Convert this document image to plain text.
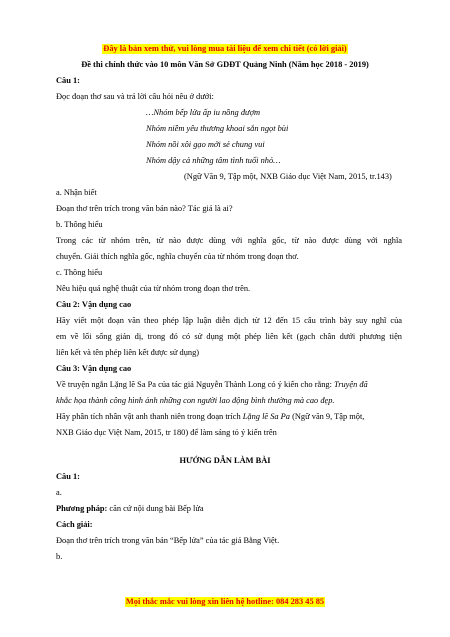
Đây là bản xem thử, vui lòng mua tài liệu để xem chi tiết (có lời giải)
Đề thi chính thức vào 10 môn Văn Sở GDĐT Quảng Ninh (Năm học 2018 - 2019)
Câu 1:
Đọc đoạn thơ sau và trả lời câu hỏi nêu ở dưới:
…Nhóm bếp lửa ấp iu nồng đượm
Nhóm niềm yêu thương khoai sắn ngọt bùi
Nhóm nồi xôi gạo mới sẻ chung vui
Nhóm dậy cả những tâm tình tuổi nhỏ…
(Ngữ Văn 9, Tập một, NXB Giáo dục Việt Nam, 2015, tr.143)
a. Nhận biết
Đoạn thơ trên trích trong văn bản nào? Tác giả là ai?
b. Thông hiểu
Trong các từ nhóm trên, từ nào được dùng với nghĩa gốc, từ nào được dùng với nghĩa
chuyển. Giải thích nghĩa gốc, nghĩa chuyển của từ nhóm trong đoạn thơ.
c. Thông hiểu
Nêu hiệu quả nghệ thuật của từ nhóm trong đoạn thơ trên.
Câu 2: Vận dụng cao
Hãy viết một đoạn văn theo phép lập luận diễn dịch từ 12 đến 15 câu trình bày suy nghĩ của
em về lối sống giản dị, trong đó có sử dụng một phép liên kết (gạch chân dưới phương tiện
liên kết và tên phép liên kết được sử dụng)
Câu 3: Vận dụng cao
Về truyện ngắn Lặng lẽ Sa Pa của tác giả Nguyễn Thành Long có ý kiến cho rằng: Truyện đã
khắc họa thành công hình ảnh những con người lao động bình thường mà cao đẹp.
Hãy phân tích nhân vật anh thanh niên trong đoạn trích Lặng lẽ Sa Pa (Ngữ văn 9, Tập một,
NXB Giáo dục Việt Nam, 2015, tr 180) để làm sáng tỏ ý kiến trên
HƯỚNG DẪN LÀM BÀI
Câu 1:
a.
Phương pháp: căn cứ nội dung bài Bếp lửa
Cách giải:
Đoạn thơ trên trích trong văn bản “Bếp lửa” của tác giả Bằng Việt.
b.
Mọi thắc mắc vui lòng xin liên hệ hotline: 084 283 45 85
